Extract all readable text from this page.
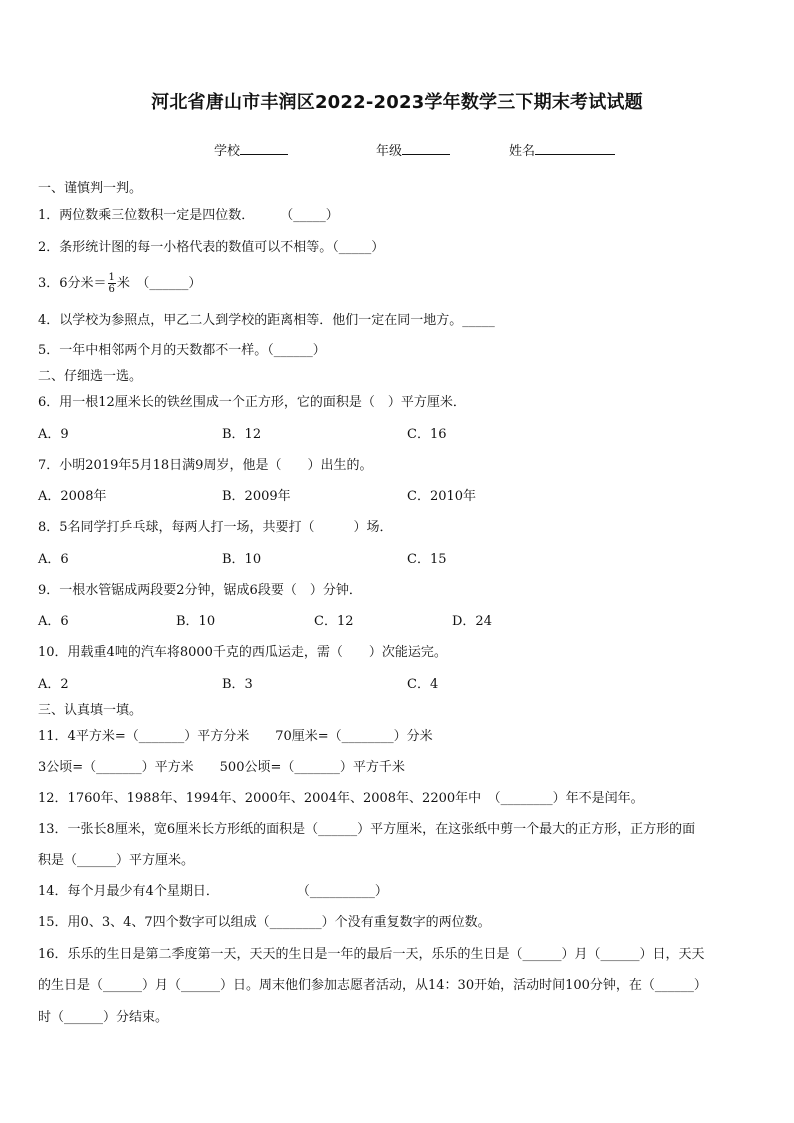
河北省唐山市丰润区2022-2023学年数学三下期末考试试题
学校	年级	姓名
一、谨慎判一判。
1．两位数乘三位数积一定是四位数．　　　（_____）
2．条形统计图的每一小格代表的数值可以不相等。（_____）
3．6分米＝ $\frac{1}{6}$ 米　（______）
4．以学校为参照点，甲乙二人到学校的距离相等．他们一定在同一地方。_____
5．一年中相邻两个月的天数都不一样。（______）
二、仔细选一选。
6．用一根12厘米长的铁丝围成一个正方形，它的面积是（　）平方厘米．
A．9	B．12	C．16
7．小明2019年5月18日满9周岁，他是（　　）出生的。
A．2008年	B．2009年	C．2010年
8．5名同学打乒乓球，每两人打一场，共要打（　　　）场．
A．6	B．10	C．15
9．一根水管锯成两段要2分钟，锯成6段要（　）分钟．
A．6	B．10	C．12	D．24
10．用载重4吨的汽车将8000千克的西瓜运走，需（　　）次能运完。
A．2	B．3	C．4
三、认真填一填。
11．4平方米=（_______）平方分米　　70厘米=（________）分米
3公顷=（_______）平方米　　500公顷=（_______）平方千米
12．1760年、1988年、1994年、2000年、2004年、2008年、2200年中　（________）年不是闰年。
13．一张长8厘米，宽6厘米长方形纸的面积是（______）平方厘米，在这张纸中剪一个最大的正方形，正方形的面
积是（______）平方厘米。
14．每个月最少有4个星期日．　　　　　　　（__________）
15．用0、3、4、7四个数字可以组成（________）个没有重复数字的两位数。
16．乐乐的生日是第二季度第一天，天天的生日是一年的最后一天，乐乐的生日是（______）月（______）日，天天
的生日是（______）月（______）日。周末他们参加志愿者活动，从14：30开始，活动时间100分钟，在（______）
时（______）分结束。
